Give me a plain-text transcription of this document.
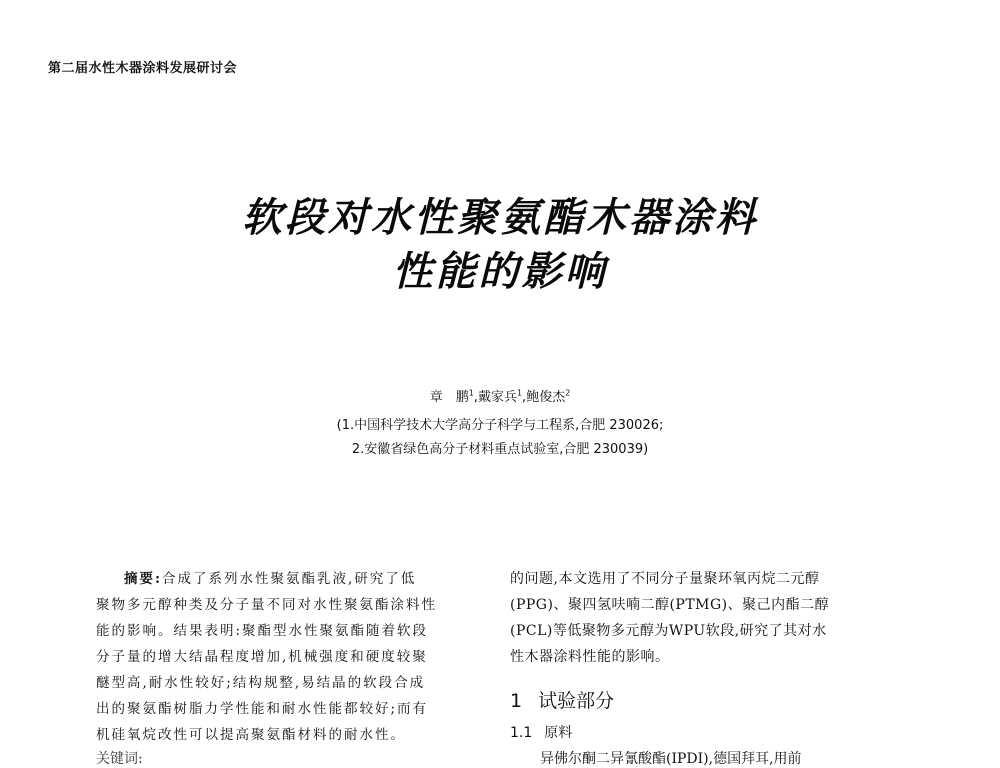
第二届水性木器涂料发展研讨会
软段对水性聚氨酯木器涂料
性能的影响
章　鹏$^1$,戴家兵$^1$,鲍俊杰$^2$
(1.中国科学技术大学高分子科学与工程系,合肥 230026;
2.安徽省绿色高分子材料重点试验室,合肥 230039)
摘要:合成了系列水性聚氨酯乳液,研究了低
聚物多元醇种类及分子量不同对水性聚氨酯涂料性
能的影响。结果表明:聚酯型水性聚氨酯随着软段
分子量的增大结晶程度增加,机械强度和硬度较聚
醚型高,耐水性较好;结构规整,易结晶的软段合成
出的聚氨酯树脂力学性能和耐水性能都较好;而有
机硅氧烷改性可以提高聚氨酯材料的耐水性。
的问题,本文选用了不同分子量聚环氧丙烷二元醇
(PPG)、聚四氢呋喃二醇(PTMG)、聚己内酯二醇
(PCL)等低聚物多元醇为WPU软段,研究了其对水
性木器涂料性能的影响。
1 试验部分
1.1 原料
异佛尔酮二异氰酸酯(IPDI),德国拜耳,用前
关键词:
